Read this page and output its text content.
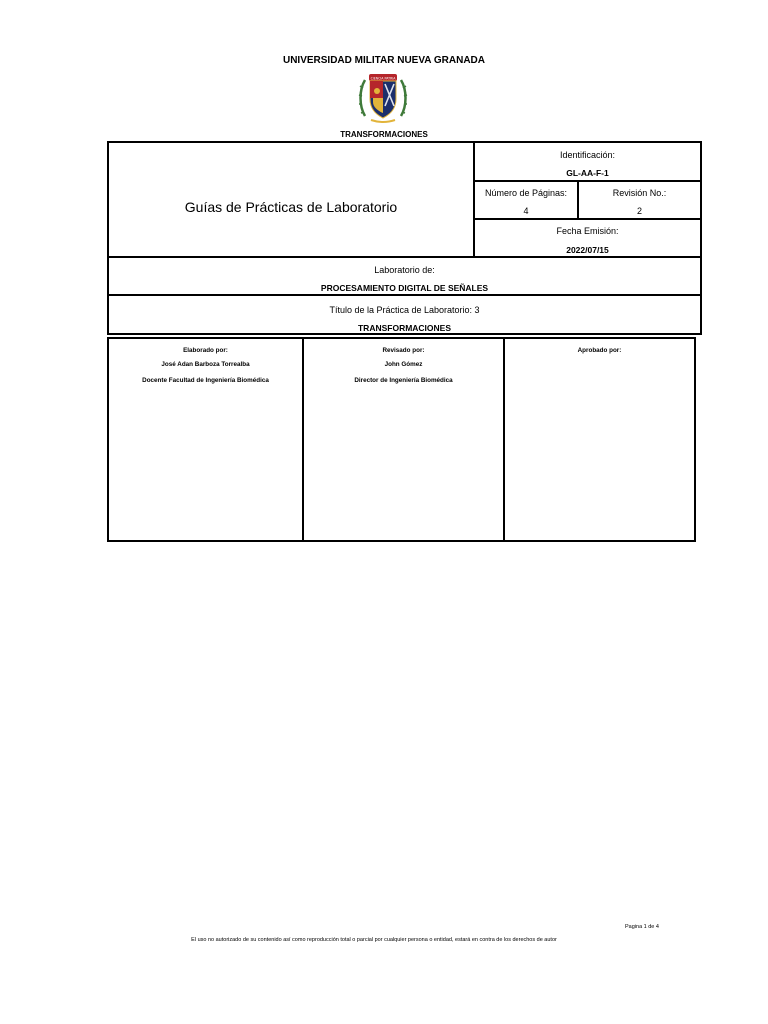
UNIVERSIDAD MILITAR NUEVA GRANADA
CIENCIA PATRIA
TRANSFORMACIONES
Guías de Prácticas de Laboratorio
Identificación:
GL-AA-F-1
Número de Páginas:
4
Revisión No.:
2
Fecha Emisión:
2022/07/15
Laboratorio de:
PROCESAMIENTO DIGITAL DE SEÑALES
Título de la Práctica de Laboratorio: 3
TRANSFORMACIONES
Elaborado por:
José Adan Barboza Torrealba
Docente Facultad de Ingeniería Biomédica
Revisado por:
John Gómez
Director de Ingeniería Biomédica
Aprobado por:
Pagina 1 de 4
El uso no autorizado de su contenido así como reproducción total o parcial por cualquier persona o entidad, estará en contra de los derechos de autor
